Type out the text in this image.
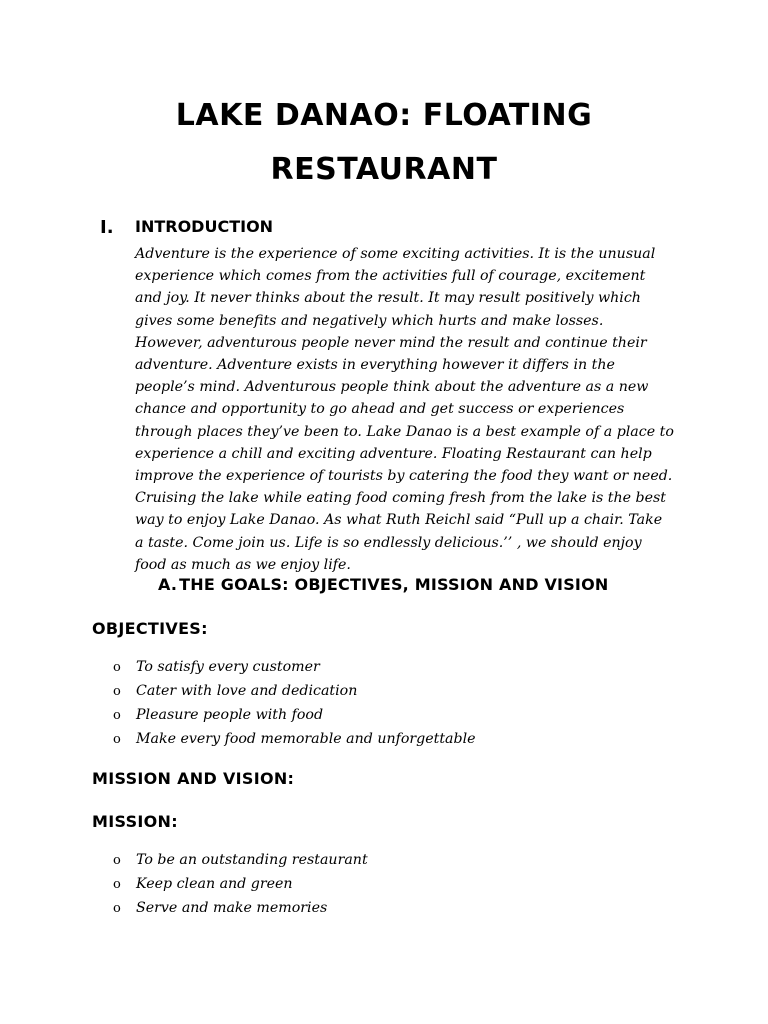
LAKE DANAO: FLOATING
RESTAURANT
I. INTRODUCTION

Adventure is the experience of some exciting activities. It is the unusual experience which comes from the activities full of courage, excitement and joy. It never thinks about the result. It may result positively which gives some benefits and negatively which hurts and make losses. However, adventurous people never mind the result and continue their adventure. Adventure exists in everything however it differs in the people’s mind. Adventurous people think about the adventure as a new chance and opportunity to go ahead and get success or experiences through places they’ve been to. Lake Danao is a best example of a place to experience a chill and exciting adventure. Floating Restaurant can help improve the experience of tourists by catering the food they want or need. Cruising the lake while eating food coming fresh from the lake is the best way to enjoy Lake Danao. As what Ruth Reichl said “Pull up a chair. Take a taste. Come join us. Life is so endlessly delicious.’’ , we should enjoy food as much as we enjoy life.

A. THE GOALS: OBJECTIVES, MISSION AND VISION
OBJECTIVES:
o To satisfy every customer
o Cater with love and dedication
o Pleasure people with food
o Make every food memorable and unforgettable
MISSION AND VISION:
MISSION:
o To be an outstanding restaurant
o Keep clean and green
o Serve and make memories
